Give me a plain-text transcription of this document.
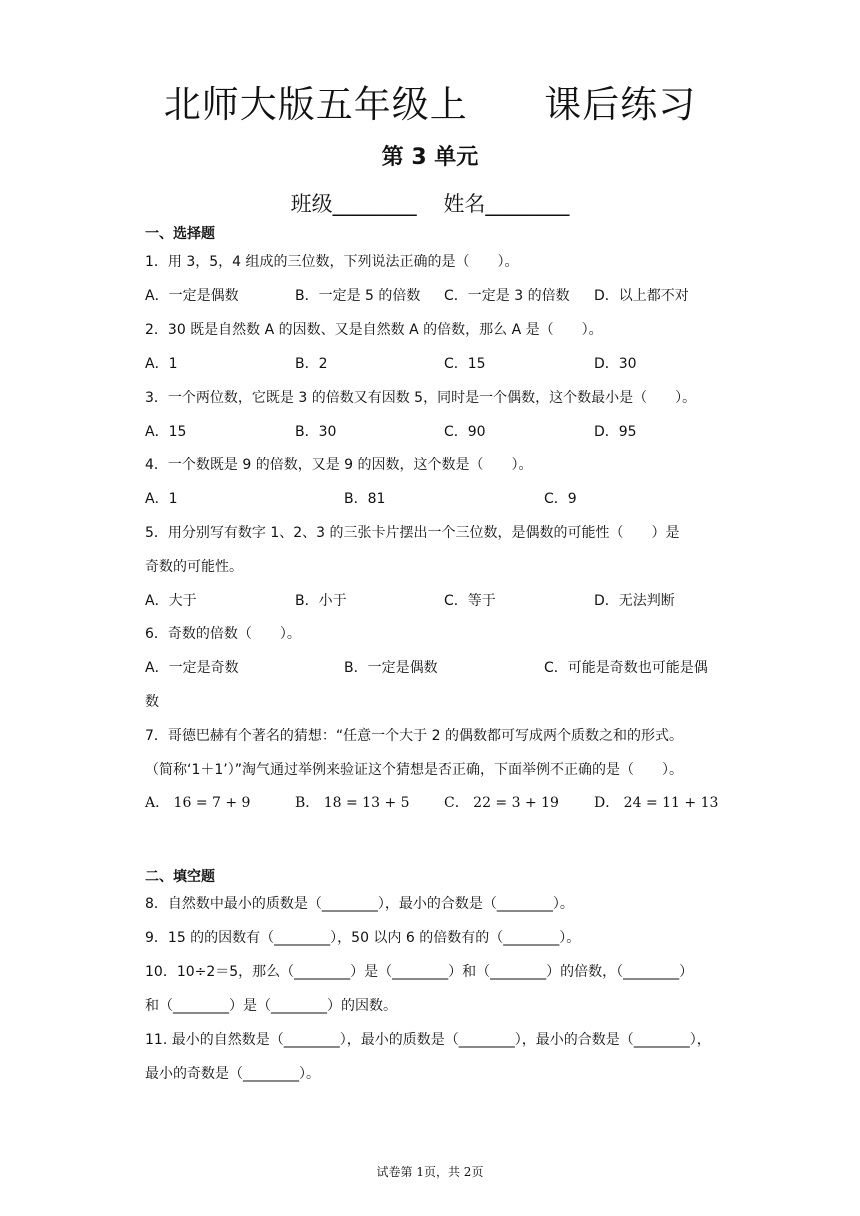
北师大版五年级上      课后练习
第 3 单元
班级________    姓名________
一、选择题
1．用 3，5，4 组成的三位数，下列说法正确的是（　　）。
A．一定是偶数	B．一定是 5 的倍数 C．一定是 3 的倍数 D．以上都不对
2．30 既是自然数 A 的因数、又是自然数 A 的倍数，那么 A 是（　　）。
A．1	B．2	C．15	D．30
3．一个两位数，它既是 3 的倍数又有因数 5，同时是一个偶数，这个数最小是（　　）。
A．15	B．30	C．90	D．95
4．一个数既是 9 的倍数，又是 9 的因数，这个数是（　　）。
A．1	B．81	C．9
5．用分别写有数字 1、2、3 的三张卡片摆出一个三位数，是偶数的可能性（　　）是
奇数的可能性。
A．大于	B．小于	C．等于	D．无法判断
6．奇数的倍数（　　）。
A．一定是奇数	B．一定是偶数	C．可能是奇数也可能是偶
数
7．哥德巴赫有个著名的猜想：“任意一个大于 2 的偶数都可写成两个质数之和的形式。
（简称‘1＋1’）”淘气通过举例来验证这个猜想是否正确，下面举例不正确的是（　　）。
A． 16 = 7 + 9	B． 18 = 13 + 5 C． 22 = 3 + 19	D． 24 = 11 + 13
二、填空题
8．自然数中最小的质数是（________），最小的合数是（________）。
9．15 的的因数有（________），50 以内 6 的倍数有的（________）。
10．10÷2＝5，那么（________）是（________）和（________）的倍数，（________）
和（________）是（________）的因数。
11. 最小的自然数是（________），最小的质数是（________），最小的合数是（________），
最小的奇数是（________）。
试卷第 1页，共 2页
